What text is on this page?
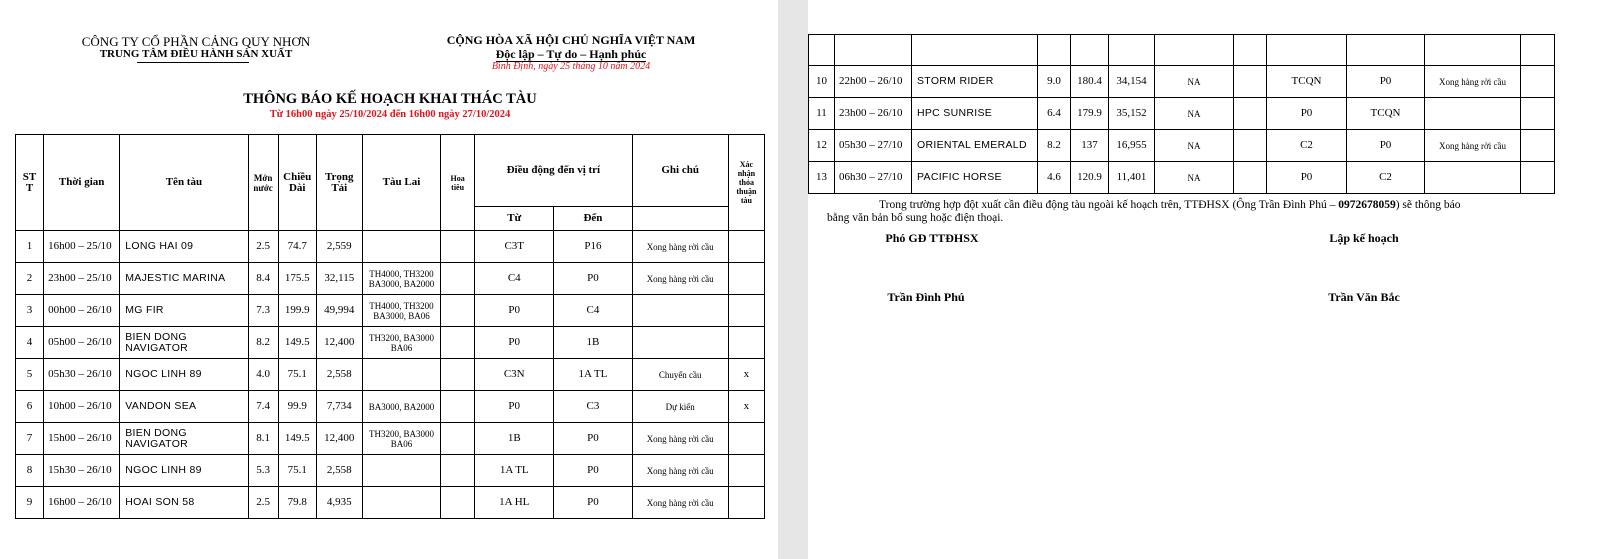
CÔNG TY CỔ PHẦN CẢNG QUY NHƠN
TRUNG TÂM ĐIỀU HÀNH SẢN XUẤT
CỘNG HÒA XÃ HỘI CHỦ NGHĨA VIỆT NAM
Độc lập – Tự do – Hạnh phúc
Bình Định, ngày 25 tháng 10 năm 2024
THÔNG BÁO KẾ HOẠCH KHAI THÁC TÀU
Từ 16h00 ngày 25/10/2024 đến 16h00 ngày 27/10/2024
STT	Thời gian	Tên tàu	Mớn nước	Chiều Dài	Trọng Tải	Tàu Lai	Hoa tiêu	Điều động đến vị trí		Ghi chú	Xác nhận thỏa thuận tàu
								Từ	Đến		
1	16h00 – 25/10	LONG HAI 09	2.5	74.7	2,559			C3T	P16	Xong hàng rời cầu	
2	23h00 – 25/10	MAJESTIC MARINA	8.4	175.5	32,115	TH4000, TH3200 BA3000, BA2000		C4	P0	Xong hàng rời cầu	
3	00h00 – 26/10	MG FIR	7.3	199.9	49,994	TH4000, TH3200 BA3000, BA06		P0	C4		
4	05h00 – 26/10	BIEN DONG NAVIGATOR	8.2	149.5	12,400	TH3200, BA3000 BA06		P0	1B		
5	05h30 – 26/10	NGOC LINH 89	4.0	75.1	2,558			C3N	1A TL	Chuyển cầu	x
6	10h00 – 26/10	VANDON SEA	7.4	99.9	7,734	BA3000, BA2000		P0	C3	Dự kiến	x
7	15h00 – 26/10	BIEN DONG NAVIGATOR	8.1	149.5	12,400	TH3200, BA3000 BA06		1B	P0	Xong hàng rời cầu	
8	15h30 – 26/10	NGOC LINH 89	5.3	75.1	2,558			1A TL	P0	Xong hàng rời cầu	
9	16h00 – 26/10	HOAI SON 58	2.5	79.8	4,935			1A HL	P0	Xong hàng rời cầu	

10	22h00 – 26/10	STORM RIDER	9.0	180.4	34,154	NA		TCQN	P0	Xong hàng rời cầu	
11	23h00 – 26/10	HPC SUNRISE	6.4	179.9	35,152	NA		P0	TCQN		
12	05h30 – 27/10	ORIENTAL EMERALD	8.2	137	16,955	NA		C2	P0	Xong hàng rời cầu	
13	06h30 – 27/10	PACIFIC HORSE	4.6	120.9	11,401	NA		P0	C2		
Trong trường hợp đột xuất cần điều động tàu ngoài kế hoạch trên, TTĐHSX (Ông Trần Đình Phú – 0972678059) sẽ thông báo
bằng văn bản bổ sung hoặc điện thoại.
Phó GĐ TTĐHSX	Lập kế hoạch
Trần Đình Phú	Trần Văn Bắc
